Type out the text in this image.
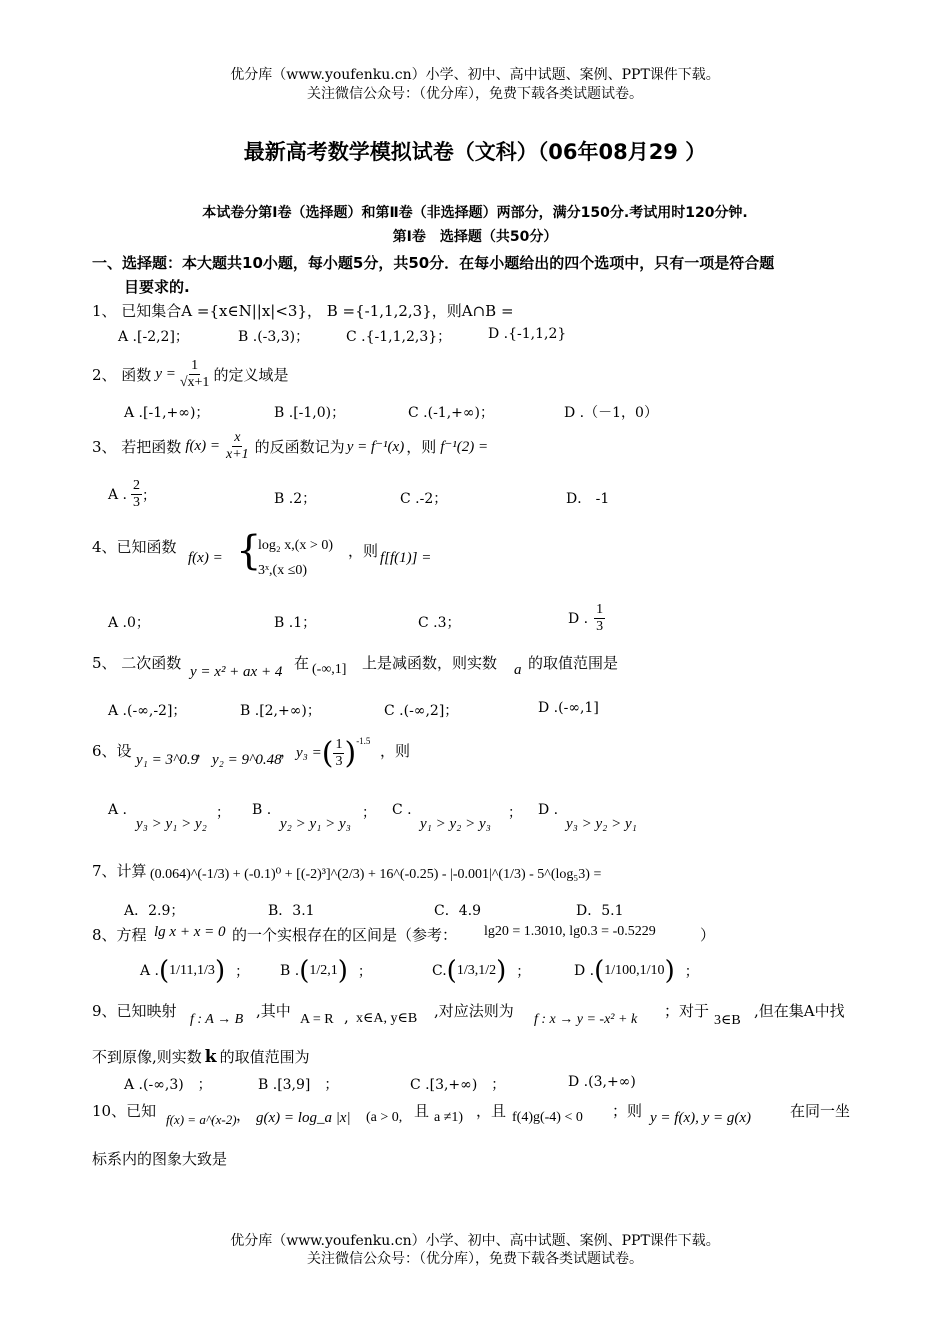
优分库（www.youfenku.cn）小学、初中、高中试题、案例、PPT课件下载。
关注微信公众号：（优分库），免费下载各类试题试卷。
最新高考数学模拟试卷（文科）（06年08月29 ）
本试卷分第Ⅰ卷（选择题）和第Ⅱ卷（非选择题）两部分，满分150分.考试用时120分钟.
第Ⅰ卷　选择题（共50分）
一、选择题：本大题共10小题，每小题5分，共50分．在每小题给出的四个选项中，只有一项是符合题
目要求的.
1、 已知集合A ={x∈N||x|<3}， B ={-1,1,2,3}，则A∩B =
A .[-2,2]；	B .(-3,3)；	C .{-1,1,2,3}；	D .{-1,1,2}
2、 函数 $y = \frac{1}{√x+1}$ 的定义域是
A .[-1,+∞)；	B .[-1,0)；	C .(-1,+∞)；	D .（－1，0）
3、 若把函数 $f(x) = \frac{x}{x+1}$ 的反函数记为 y = f⁻¹(x) ，则 f⁻¹(2) =
A . $\frac{2}{3}$ ；	B .2；	C .-2；	D． -1
4、已知函数
f(x) = {
log₂ x,(x > 0)
3ˣ,(x ≤0)
，则 f[f(1)] =
A .0；	B .1；	C .3；	D . $\frac{1}{3}$
5、 二次函数 y = x² + ax + 4 在 (-∞,1] 上是减函数，则实数 a 的取值范围是
A .(-∞,-2]；	B .[2,+∞)；	C .(-∞,2]；	D .(-∞,1]
6、设 y₁ = 3^0.9
， y₂ = 9^0.48
， y₃ = ( $\frac{1}{3}$ ) -1.5
，则
A .
y₃ > y₁ > y₂
； B .
y₂ > y₁ > y₃
； C .
y₁ > y₂ > y₃
； D .
y₃ > y₂ > y₁
7、计算 (0.064)^(-1/3) + (-0.1)⁰ + [(-2)³]^(2/3) + 16^(-0.25) - |-0.001|^(1/3) - 5^(log₅3) =
A．2.9；	B．3.1	C．4.9	D．5.1
8、方程 lg x + x = 0 的一个实根存在的区间是（参考： lg20 = 1.3010, lg0.3 = -0.5229	）
A . ( 1/11 , 1/3 ) ； B . ( 1/2 , 1 ) ；	C. ( 1/3 , 1/2 ) ；	D . ( 1/100 , 1/10 ) ；
9、已知映射 f : A → B ,其中 A = R , x∈A, y∈B ,对应法则为 f : x → y = -x² + k ；对于
3∈B
,但在集A中找
不到原像,则实数 k 的取值范围为
A .(-∞,3)　；	B .[3,9]　；	C .[3,+∞)　；	D .(3,+∞)
10、已知 f(x) = a^(x-2) ， g(x) = log_a |x| (a > 0, 且 a ≠1) ，且 f(4)g(-4) < 0 ；则 y = f(x), y = g(x)	在同一坐
标系内的图象大致是
优分库（www.youfenku.cn）小学、初中、高中试题、案例、PPT课件下载。
关注微信公众号：（优分库），免费下载各类试题试卷。
